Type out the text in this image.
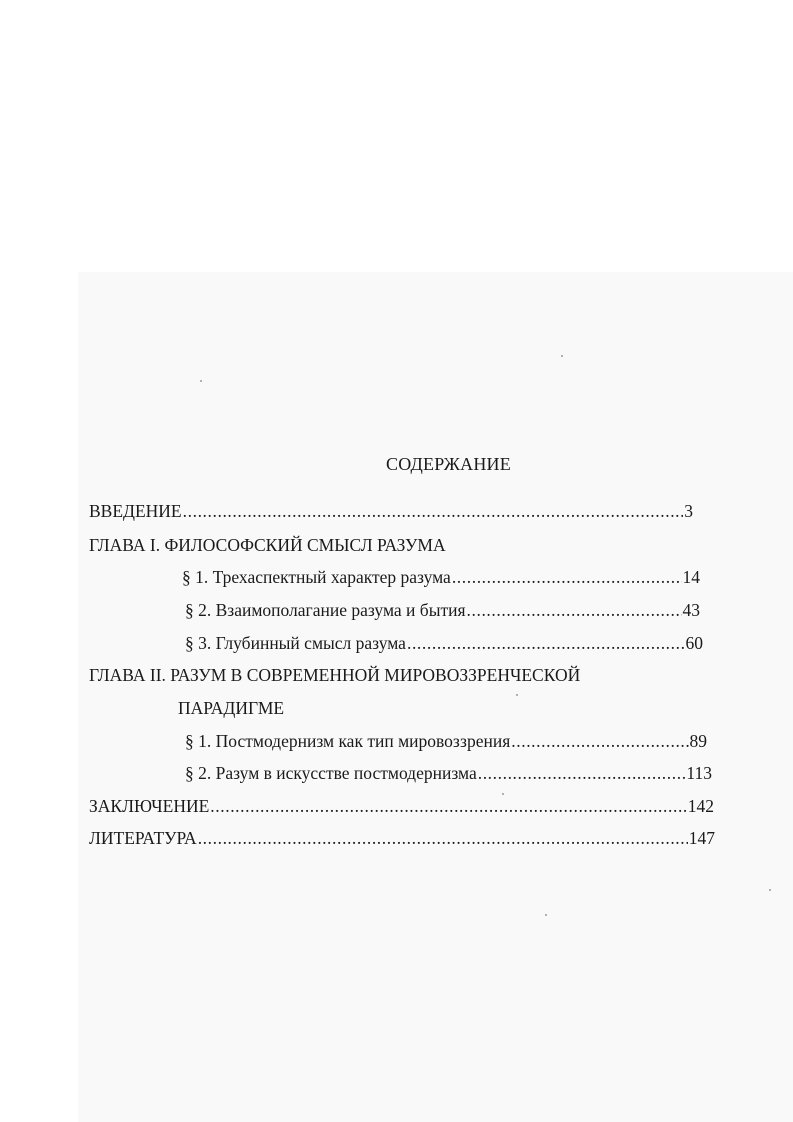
СОДЕРЖАНИЕ
ВВЕДЕНИЕ .....	3
ГЛАВА I. ФИЛОСОФСКИЙ СМЫСЛ РАЗУМА
§ 1. Трехаспектный характер разума .....	14
§ 2. Взаимополагание разума и бытия .....	43
§ 3. Глубинный смысл разума .....	60
ГЛАВА II. РАЗУМ В СОВРЕМЕННОЙ МИРОВОЗЗРЕНЧЕСКОЙ
ПАРАДИГМЕ
§ 1. Постмодернизм как тип мировоззрения .....	89
§ 2. Разум в искусстве постмодернизма .....	113
ЗАКЛЮЧЕНИЕ .....	142
ЛИТЕРАТУРА .....	147
